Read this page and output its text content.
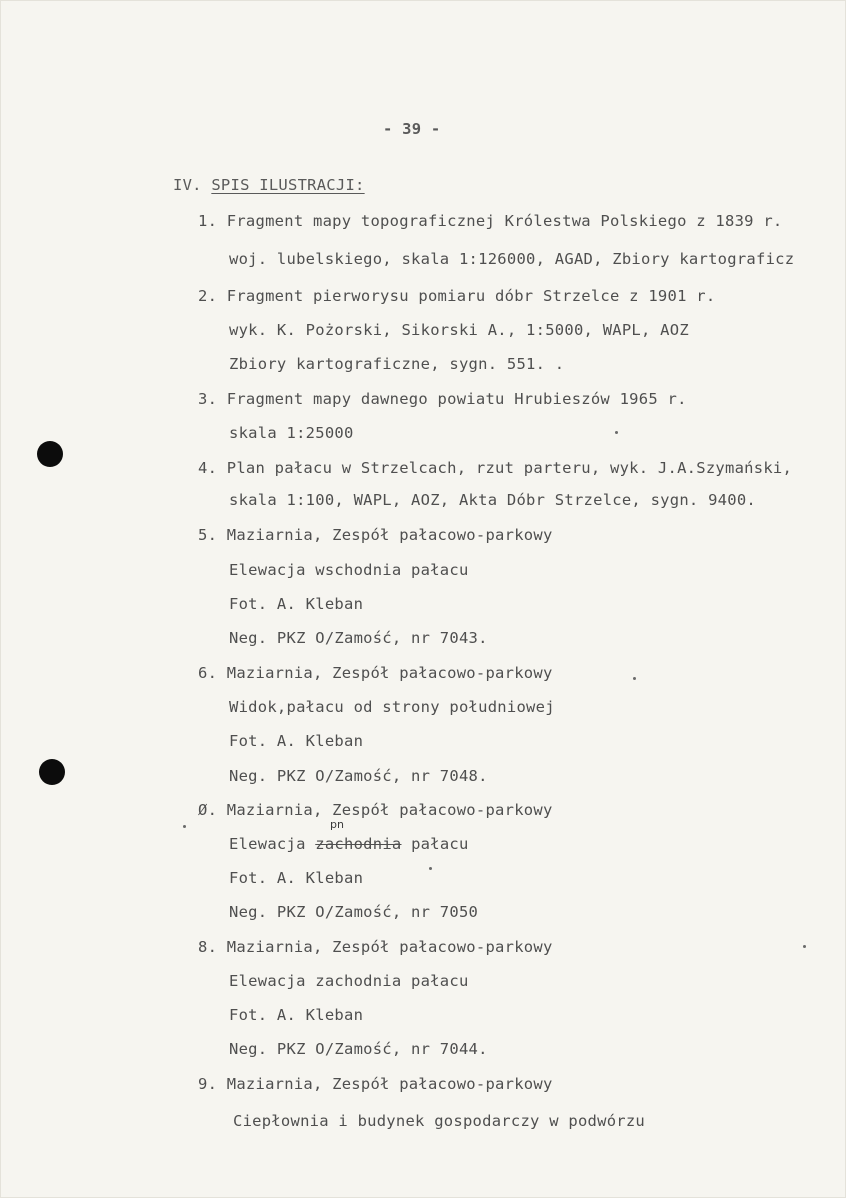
- 39 -
IV. SPIS ILUSTRACJI:
1. Fragment mapy topograficznej Królestwa Polskiego z 1839 r.
woj. lubelskiego, skala 1:126000, AGAD, Zbiory kartograficz
2. Fragment pierworysu pomiaru dóbr Strzelce z 1901 r.
wyk. K. Pożorski, Sikorski A., 1:5000, WAPL, AOZ
Zbiory kartograficzne, sygn. 551. .
3. Fragment mapy dawnego powiatu Hrubieszów 1965 r.
skala 1:25000
4. Plan pałacu w Strzelcach, rzut parteru, wyk. J.A.Szymański,
skala 1:100, WAPL, AOZ, Akta Dóbr Strzelce, sygn. 9400.
5. Maziarnia, Zespół pałacowo-parkowy
Elewacja wschodnia pałacu
Fot. A. Kleban
Neg. PKZ O/Zamość, nr 7043.
6. Maziarnia, Zespół pałacowo-parkowy
Widok,pałacu od strony południowej
Fot. A. Kleban
Neg. PKZ O/Zamość, nr 7048.
Ø. Maziarnia, Zespół pałacowo-parkowy
pn
Elewacja zachodnia pałacu
Fot. A. Kleban
Neg. PKZ O/Zamość, nr 7050
8. Maziarnia, Zespół pałacowo-parkowy
Elewacja zachodnia pałacu
Fot. A. Kleban
Neg. PKZ O/Zamość, nr 7044.
9. Maziarnia, Zespół pałacowo-parkowy
Ciepłownia i budynek gospodarczy w podwórzu
